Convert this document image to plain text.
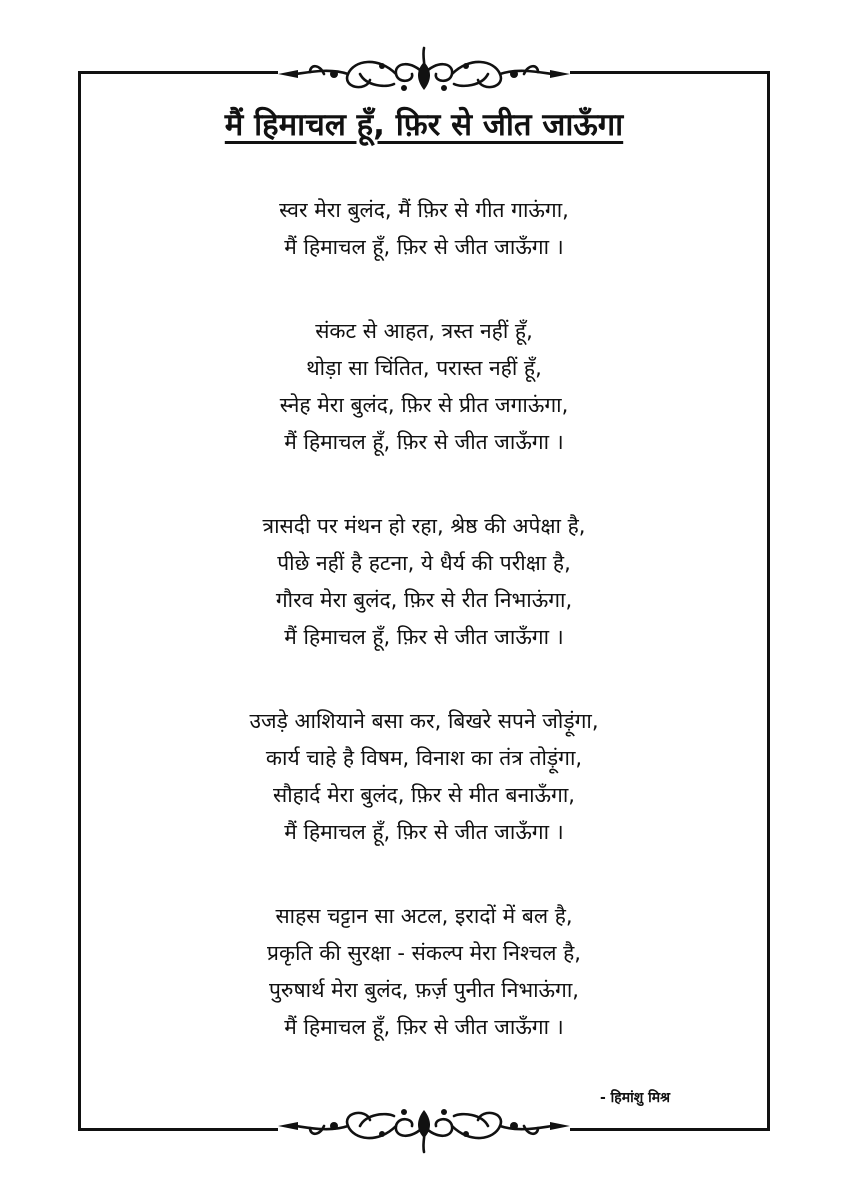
मैं हिमाचल हूँ, फ़िर से जीत जाऊँगा
स्वर मेरा बुलंद, मैं फ़िर से गीत गाऊंगा,
मैं हिमाचल हूँ, फ़िर से जीत जाऊँगा ।
संकट से आहत, त्रस्त नहीं हूँ,
थोड़ा सा चिंतित, परास्त नहीं हूँ,
स्नेह मेरा बुलंद, फ़िर से प्रीत जगाऊंगा,
मैं हिमाचल हूँ, फ़िर से जीत जाऊँगा ।
त्रासदी पर मंथन हो रहा, श्रेष्ठ की अपेक्षा है,
पीछे नहीं है हटना, ये धैर्य की परीक्षा है,
गौरव मेरा बुलंद, फ़िर से रीत निभाऊंगा,
मैं हिमाचल हूँ, फ़िर से जीत जाऊँगा ।
उजड़े आशियाने बसा कर, बिखरे सपने जोड़ूंगा,
कार्य चाहे है विषम, विनाश का तंत्र तोड़ूंगा,
सौहार्द मेरा बुलंद, फ़िर से मीत बनाऊँगा,
मैं हिमाचल हूँ, फ़िर से जीत जाऊँगा ।
साहस चट्टान सा अटल, इरादों में बल है,
प्रकृति की सुरक्षा - संकल्प मेरा निश्चल है,
पुरुषार्थ मेरा बुलंद, फ़र्ज़ पुनीत निभाऊंगा,
मैं हिमाचल हूँ, फ़िर से जीत जाऊँगा ।
- हिमांशु मिश्र
